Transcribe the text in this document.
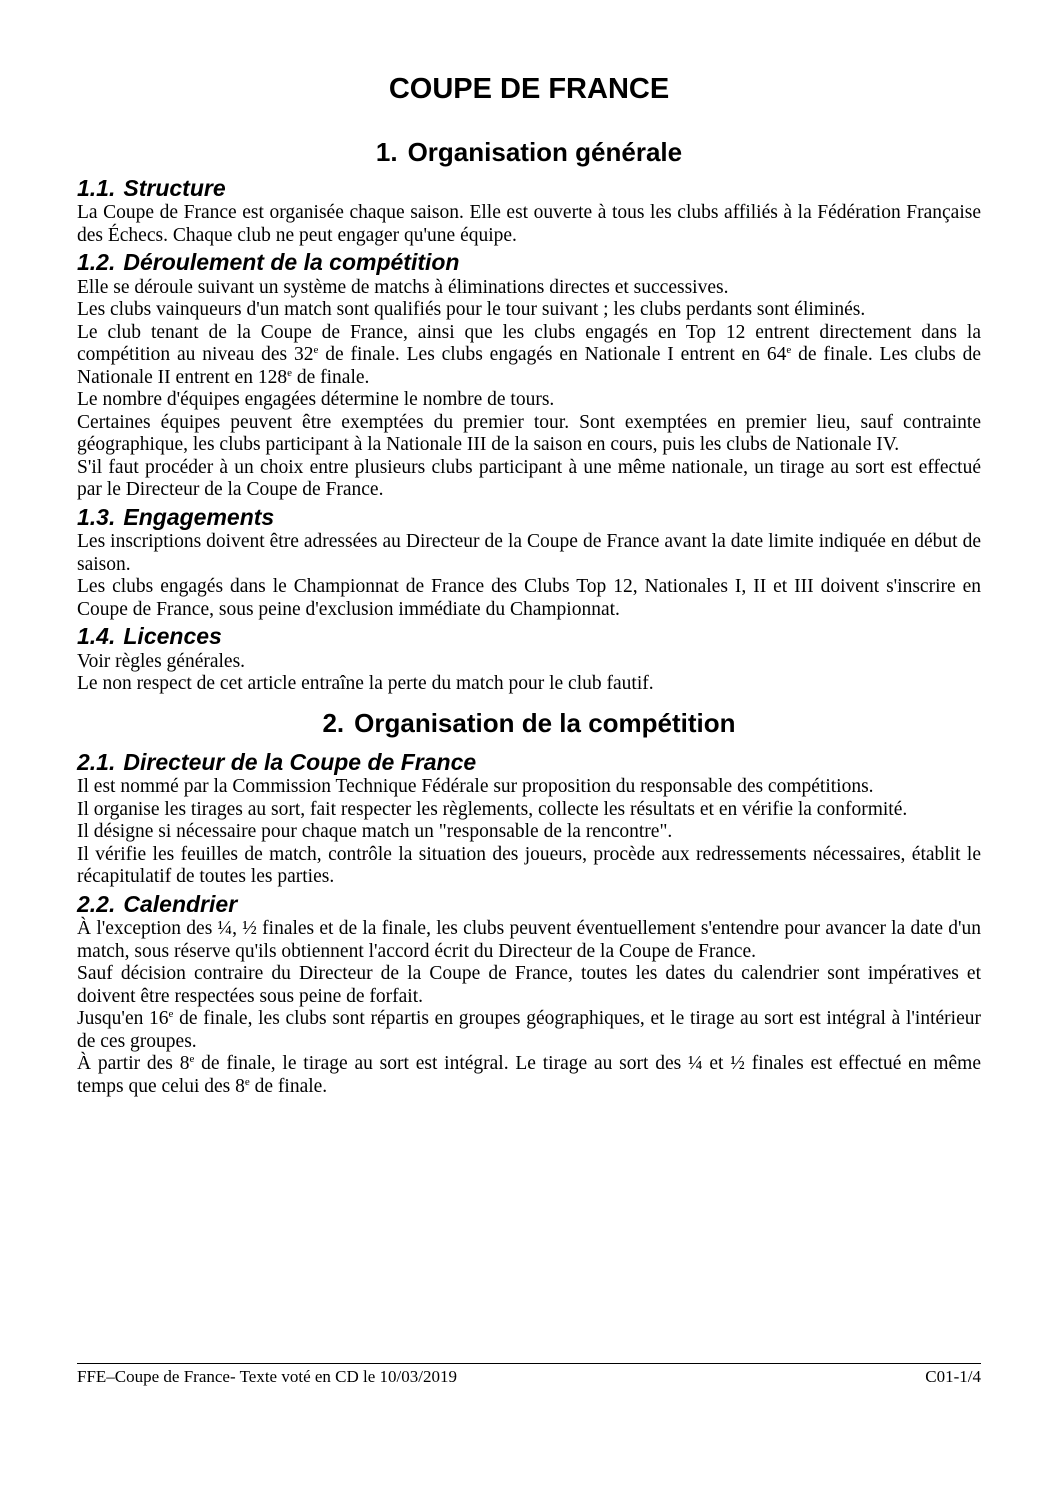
COUPE DE FRANCE
1. Organisation générale
1.1. Structure

La Coupe de France est organisée chaque saison. Elle est ouverte à tous les clubs affiliés à la Fédération Française des Échecs. Chaque club ne peut engager qu'une équipe.

1.2. Déroulement de la compétition

Elle se déroule suivant un système de matchs à éliminations directes et successives.

Les clubs vainqueurs d'un match sont qualifiés pour le tour suivant ; les clubs perdants sont éliminés.

Le club tenant de la Coupe de France, ainsi que les clubs engagés en Top 12 entrent directement dans la compétition au niveau des 32e de finale. Les clubs engagés en Nationale I entrent en 64e de finale. Les clubs de Nationale II entrent en 128e de finale.

Le nombre d'équipes engagées détermine le nombre de tours.

Certaines équipes peuvent être exemptées du premier tour. Sont exemptées en premier lieu, sauf contrainte géographique, les clubs participant à la Nationale III de la saison en cours, puis les clubs de Nationale IV.

S'il faut procéder à un choix entre plusieurs clubs participant à une même nationale, un tirage au sort est effectué par le Directeur de la Coupe de France.

1.3. Engagements

Les inscriptions doivent être adressées au Directeur de la Coupe de France avant la date limite indiquée en début de saison.

Les clubs engagés dans le Championnat de France des Clubs Top 12, Nationales I, II et III doivent s'inscrire en Coupe de France, sous peine d'exclusion immédiate du Championnat.

1.4. Licences

Voir règles générales.

Le non respect de cet article entraîne la perte du match pour le club fautif.

2. Organisation de la compétition
2.1. Directeur de la Coupe de France

Il est nommé par la Commission Technique Fédérale sur proposition du responsable des compétitions.

Il organise les tirages au sort, fait respecter les règlements, collecte les résultats et en vérifie la conformité.

Il désigne si nécessaire pour chaque match un "responsable de la rencontre".

Il vérifie les feuilles de match, contrôle la situation des joueurs, procède aux redressements nécessaires, établit le récapitulatif de toutes les parties.

2.2. Calendrier

À l'exception des ¼, ½ finales et de la finale, les clubs peuvent éventuellement s'entendre pour avancer la date d'un match, sous réserve qu'ils obtiennent l'accord écrit du Directeur de la Coupe de France.

Sauf décision contraire du Directeur de la Coupe de France, toutes les dates du calendrier sont impératives et doivent être respectées sous peine de forfait.

Jusqu'en 16e de finale, les clubs sont répartis en groupes géographiques, et le tirage au sort est intégral à l'intérieur de ces groupes.

À partir des 8e de finale, le tirage au sort est intégral. Le tirage au sort des ¼ et ½ finales est effectué en même temps que celui des 8e de finale.

FFE–Coupe de France- Texte voté en CD le 10/03/2019	C01-1/4
